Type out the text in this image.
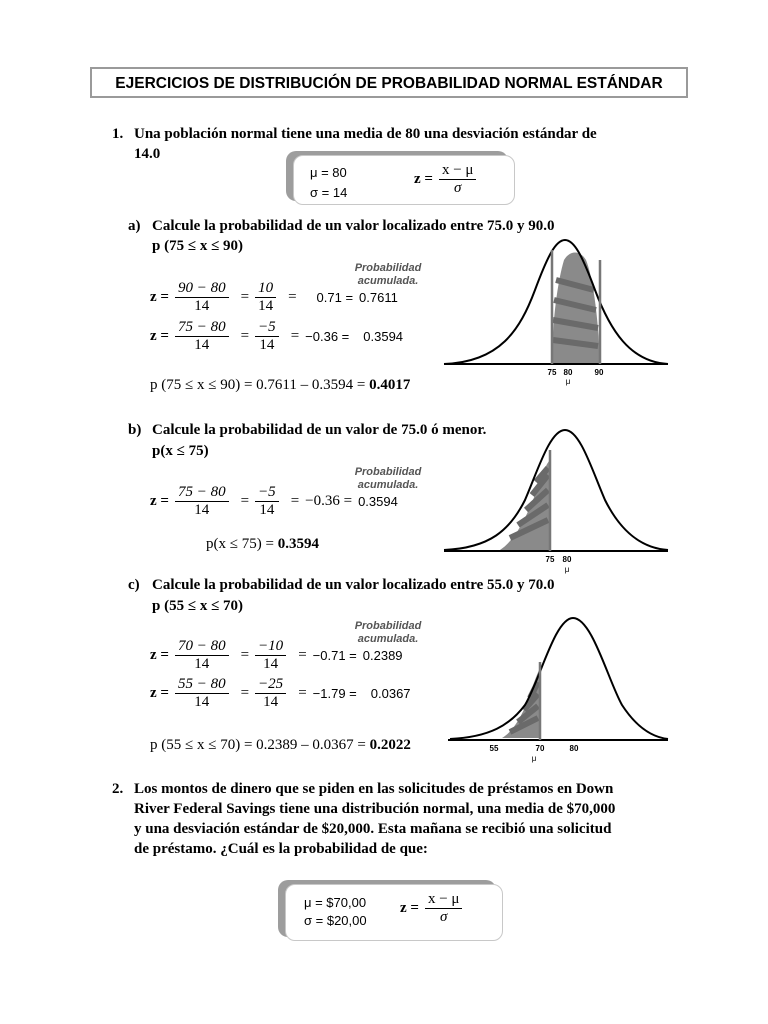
EJERCICIOS DE DISTRIBUCIÓN DE PROBABILIDAD NORMAL ESTÁNDAR
1. Una población normal tiene una media de 80 una desviación estándar de
14.0
μ = 80
σ = 14
$z = \frac{x - \mu}{\sigma}$
a) Calcule la probabilidad de un valor localizado entre 75.0 y 90.0
p (75 ≤ x ≤ 90)
Probabilidad
acumulada.
$z = \frac{90 - 80}{14} = \frac{10}{14} = 0.71 = 0.7611$
$z = \frac{75 - 80}{14} = \frac{-5}{14} = -0.36 = 0.3594$
p (75 ≤ x ≤ 90) = 0.7611 – 0.3594 = 0.4017
75 80	90
μ
b) Calcule la probabilidad de un valor de 75.0 ó menor.
p(x ≤ 75)
Probabilidad
acumulada.
$z = \frac{75 - 80}{14} = \frac{-5}{14} = -0.36 = 0.3594$
p(x ≤ 75) = 0.3594
75 80
μ
c) Calcule la probabilidad de un valor localizado entre 55.0 y 70.0
p (55 ≤ x ≤ 70)
Probabilidad
acumulada.
$z = \frac{70 - 80}{14} = \frac{-10}{14} = -0.71 = 0.2389$
$z = \frac{55 - 80}{14} = \frac{-25}{14} = -1.79 = 0.0367$
p (55 ≤ x ≤ 70) = 0.2389 – 0.0367 = 0.2022	55	70	80
μ
2. Los montos de dinero que se piden en las solicitudes de préstamos en Down
River Federal Savings tiene una distribución normal, una media de $70,000
y una desviación estándar de $20,000. Esta mañana se recibió una solicitud
de préstamo. ¿Cuál es la probabilidad de que:
μ = $70,00
σ = $20,00
$z = \frac{x - \mu}{\sigma}$
